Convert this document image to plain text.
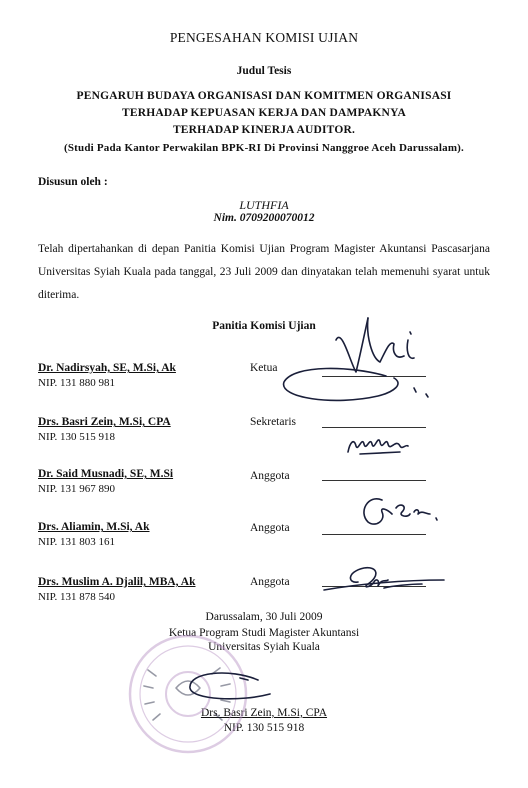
PENGESAHAN KOMISI UJIAN
Judul Tesis
PENGARUH BUDAYA ORGANISASI DAN KOMITMEN ORGANISASI
TERHADAP KEPUASAN KERJA DAN DAMPAKNYA
TERHADAP KINERJA AUDITOR.
(Studi Pada Kantor Perwakilan BPK-RI Di Provinsi Nanggroe Aceh Darussalam).
Disusun oleh :
LUTHFIA
Nim. 0709200070012
Telah dipertahankan di depan Panitia Komisi Ujian Program Magister Akuntansi Pascasarjana Universitas Syiah Kuala pada tanggal, 23 Juli 2009 dan dinyatakan telah memenuhi syarat untuk diterima.
Panitia Komisi Ujian
Dr. Nadirsyah, SE, M.Si, Ak
NIP. 131 880 981
Ketua
Drs. Basri Zein, M.Si, CPA
NIP. 130 515 918
Sekretaris
Dr. Said Musnadi, SE, M.Si
NIP. 131 967 890
Anggota
Drs. Aliamin, M.Si, Ak
NIP. 131 803 161
Anggota
Drs. Muslim A. Djalil, MBA, Ak
NIP. 131 878 540
Anggota
Darussalam, 30 Juli 2009
Ketua Program Studi Magister Akuntansi
Universitas Syiah Kuala
Drs. Basri Zein, M.Si, CPA
NIP. 130 515 918
